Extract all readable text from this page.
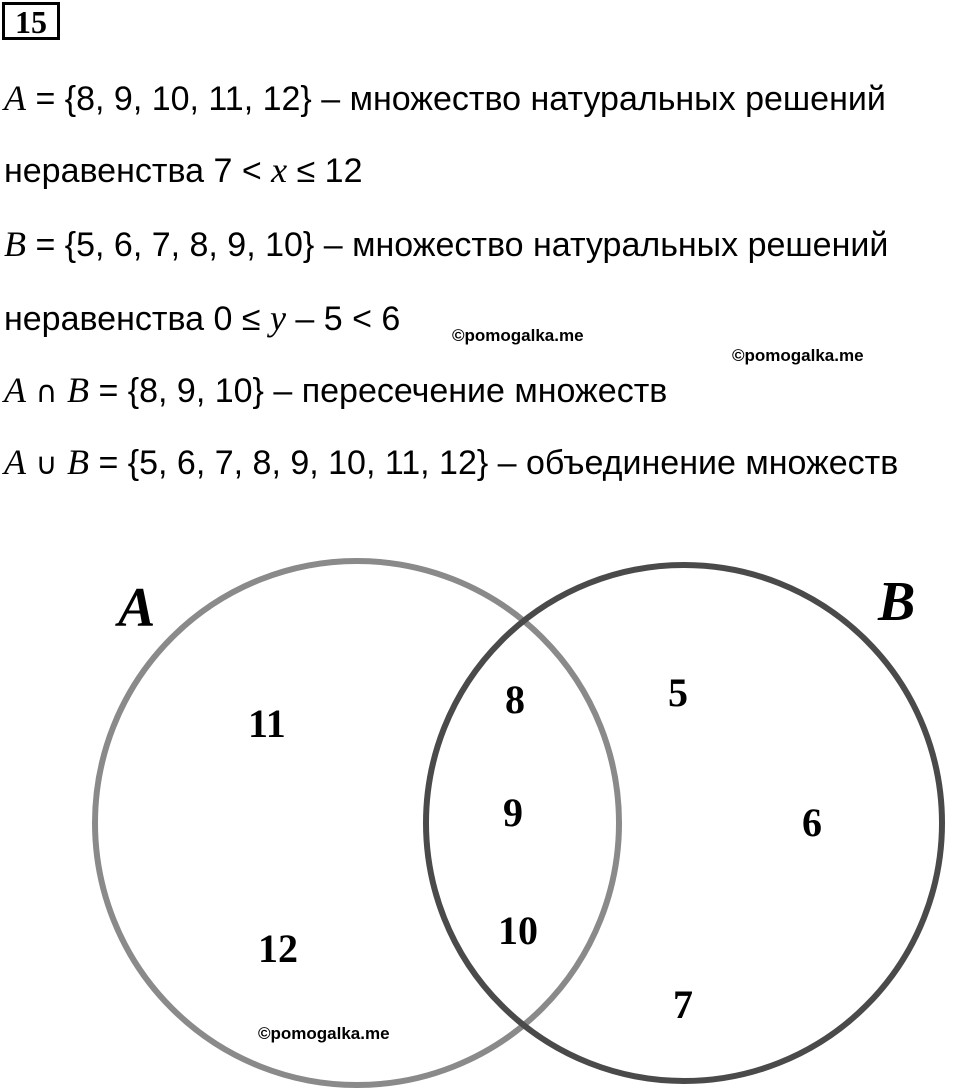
15
A = {8, 9, 10, 11, 12} – множество натуральных решений
неравенства 7 < x ≤ 12
B = {5, 6, 7, 8, 9, 10} – множество натуральных решений
неравенства 0 ≤ y – 5 < 6
A ∩ B = {8, 9, 10} – пересечение множеств
A ∪ B = {5, 6, 7, 8, 9, 10, 11, 12} – объединение множеств
©pomogalka.me
©pomogalka.me
A	B
11
12
8
9
10
5
6
7
©pomogalka.me
